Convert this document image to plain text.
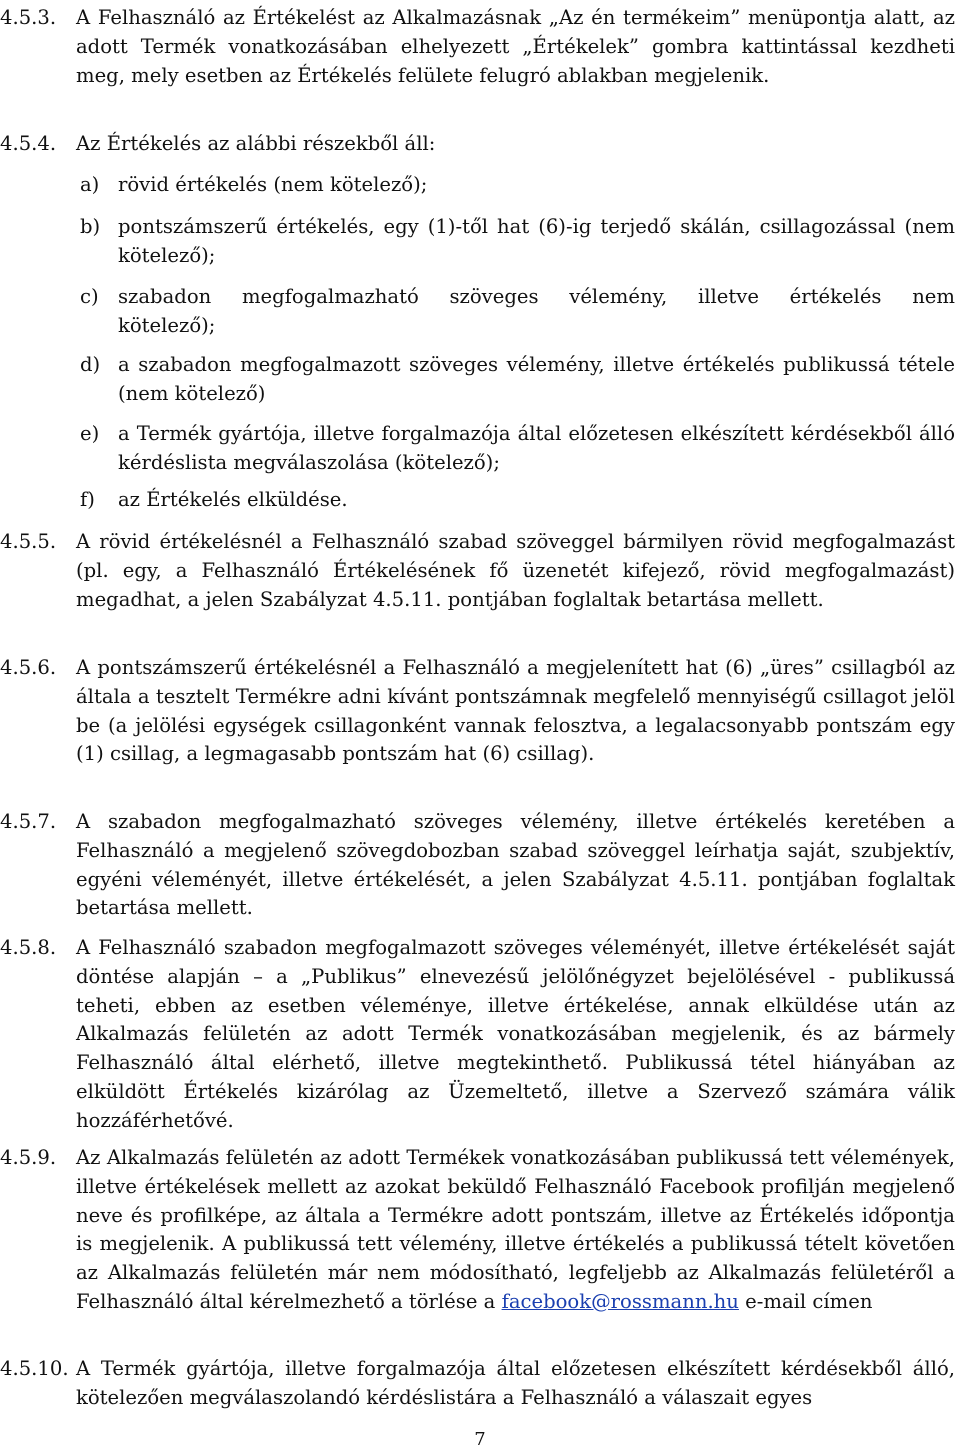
4.5.3.	A Felhasználó az Értékelést az Alkalmazásnak „Az én termékeim” menüpontja alatt, az adott Termék vonatkozásában elhelyezett „Értékelek” gombra kattintással kezdheti meg, mely esetben az Értékelés felülete felugró ablakban megjelenik.

4.5.4.	Az Értékelés az alábbi részekből áll:

a) rövid értékelés (nem kötelező);
b) pontszámszerű értékelés, egy (1)-től hat (6)-ig terjedő skálán, csillagozással (nem kötelező);
c) szabadon megfogalmazható szöveges vélemény, illetve értékelés nem kötelező);
d) a szabadon megfogalmazott szöveges vélemény, illetve értékelés publikussá tétele (nem kötelező)
e) a Termék gyártója, illetve forgalmazója által előzetesen elkészített kérdésekből álló kérdéslista megválaszolása (kötelező);
f)	az Értékelés elküldése.
4.5.5.	A rövid értékelésnél a Felhasználó szabad szöveggel bármilyen rövid megfogalmazást (pl. egy, a Felhasználó Értékelésének fő üzenetét kifejező, rövid megfogalmazást) megadhat, a jelen Szabályzat 4.5.11. pontjában foglaltak betartása mellett.

4.5.6.	A pontszámszerű értékelésnél a Felhasználó a megjelenített hat (6) „üres” csillagból az általa a tesztelt Termékre adni kívánt pontszámnak megfelelő mennyiségű csillagot jelöl be (a jelölési egységek csillagonként vannak felosztva, a legalacsonyabb pontszám egy (1) csillag, a legmagasabb pontszám hat (6) csillag).

4.5.7.	A szabadon megfogalmazható szöveges vélemény, illetve értékelés keretében a Felhasználó a megjelenő szövegdobozban szabad szöveggel leírhatja saját, szubjektív, egyéni véleményét, illetve értékelését, a jelen Szabályzat 4.5.11. pontjában foglaltak betartása mellett.

4.5.8.	A Felhasználó szabadon megfogalmazott szöveges véleményét, illetve értékelését saját döntése alapján – a „Publikus” elnevezésű jelölőnégyzet bejelölésével - publikussá teheti, ebben az esetben véleménye, illetve értékelése, annak elküldése után az Alkalmazás felületén az adott Termék vonatkozásában megjelenik, és az bármely Felhasználó által elérhető, illetve megtekinthető. Publikussá tétel hiányában az elküldött Értékelés kizárólag az Üzemeltető, illetve a Szervező számára válik hozzáférhetővé.

4.5.9.	Az Alkalmazás felületén az adott Termékek vonatkozásában publikussá tett vélemények, illetve értékelések mellett az azokat beküldő Felhasználó Facebook profilján megjelenő neve és profilképe, az általa a Termékre adott pontszám, illetve az Értékelés időpontja is megjelenik. A publikussá tett vélemény, illetve értékelés a publikussá tételt követően az Alkalmazás felületén már nem módosítható, legfeljebb az Alkalmazás felületéről a Felhasználó által kérelmezhető a törlése a facebook@rossmann.hu e-mail címen

4.5.10. A Termék gyártója, illetve forgalmazója által előzetesen elkészített kérdésekből álló, kötelezően megválaszolandó kérdéslistára a Felhasználó a válaszait egyes

7
